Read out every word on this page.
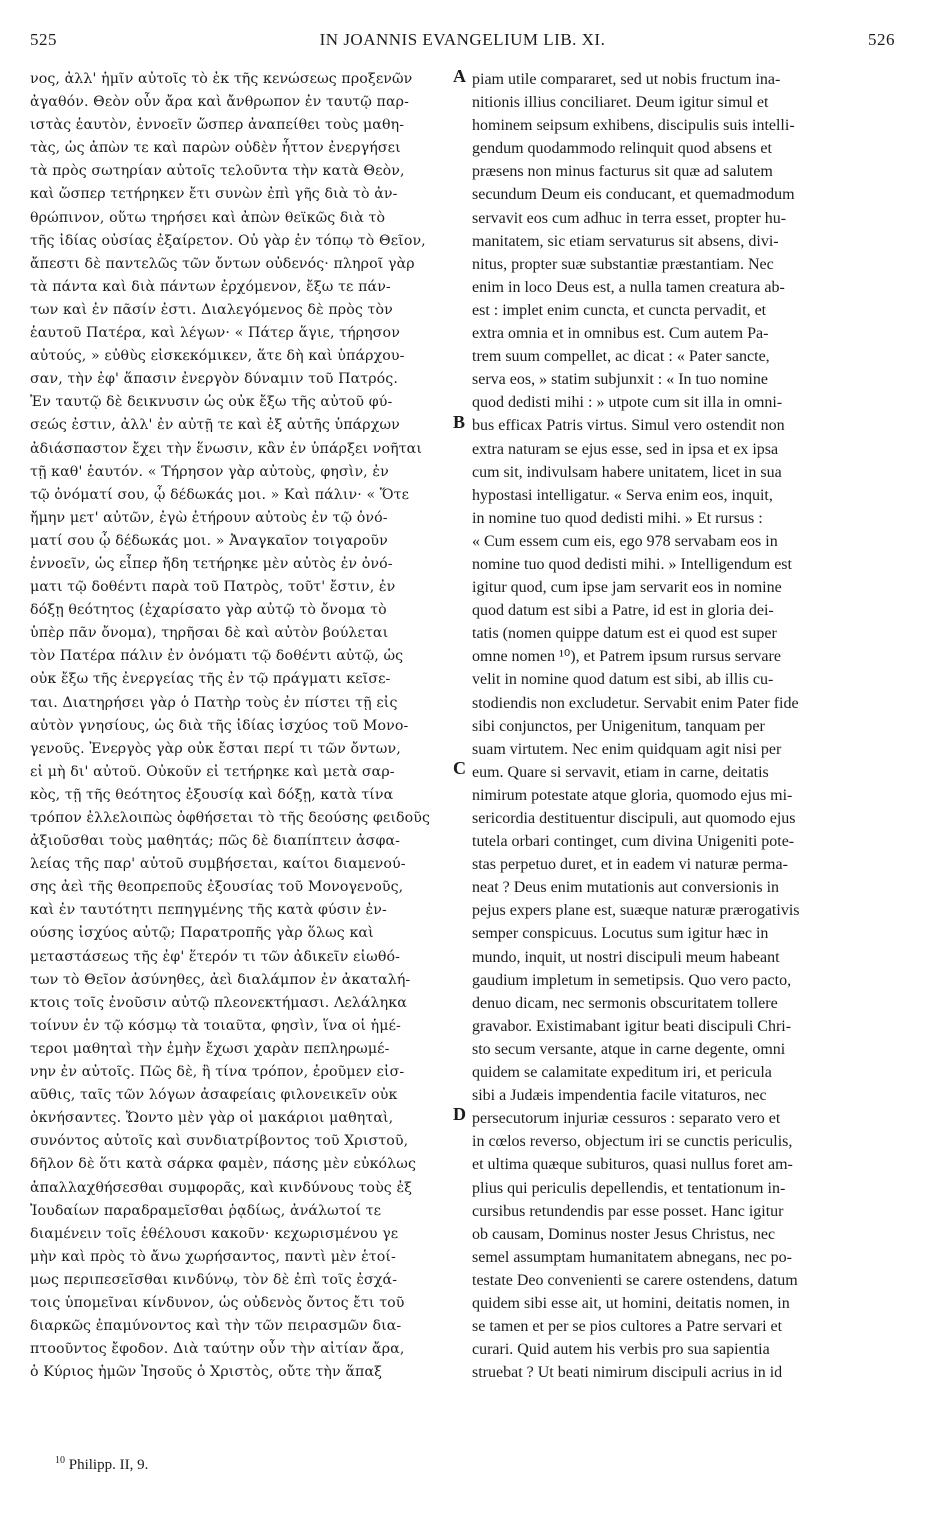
525	IN JOANNIS EVANGELIUM LIB. XI.	526
νος, ἀλλ' ἡμῖν αὐτοῖς τὸ ἐκ τῆς κενώσεως προξενῶν
ἀγαθόν. Θεὸν οὖν ἄρα καὶ ἄνθρωπον ἐν ταυτῷ παρ-
ιστὰς ἑαυτὸν, ἐννοεῖν ὥσπερ ἀναπείθει τοὺς μαθη-
τὰς, ὡς ἀπὼν τε καὶ παρὼν οὐδὲν ἧττον ἐνεργήσει
τὰ πρὸς σωτηρίαν αὐτοῖς τελοῦντα τὴν κατὰ Θεὸν,
καὶ ὥσπερ τετήρηκεν ἔτι συνὼν ἐπὶ γῆς διὰ τὸ ἀν-
θρώπινον, οὕτω τηρήσει καὶ ἀπὼν θεϊκῶς διὰ τὸ
τῆς ἰδίας οὐσίας ἐξαίρετον. Οὐ γὰρ ἐν τόπῳ τὸ Θεῖον,
ἄπεστι δὲ παντελῶς τῶν ὄντων οὐδενός· πληροῖ γὰρ
τὰ πάντα καὶ διὰ πάντων ἐρχόμενον, ἔξω τε πάν-
των καὶ ἐν πᾶσίν ἐστι. Διαλεγόμενος δὲ πρὸς τὸν
ἑαυτοῦ Πατέρα, καὶ λέγων· « Πάτερ ἅγιε, τήρησον
αὐτούς, » εὐθὺς εἰσκεκόμικεν, ἅτε δὴ καὶ ὑπάρχου-
σαν, τὴν ἐφ' ἅπασιν ἐνεργὸν δύναμιν τοῦ Πατρός.
Ἐν ταυτῷ δὲ δεικνυσιν ὡς οὐκ ἔξω τῆς αὐτοῦ φύ-
σεώς ἐστιν, ἀλλ' ἐν αὐτῇ τε καὶ ἐξ αὐτῆς ὑπάρχων
ἀδιάσπαστον ἔχει τὴν ἕνωσιν, κἂν ἐν ὑπάρξει νοῆται
τῇ καθ' ἑαυτόν. « Τήρησον γὰρ αὐτοὺς, φησὶν, ἐν
τῷ ὀνόματί σου, ᾧ δέδωκάς μοι. » Καὶ πάλιν· « Ὅτε
ἤμην μετ' αὐτῶν, ἐγὼ ἐτήρουν αὐτοὺς ἐν τῷ ὀνό-
ματί σου ᾧ δέδωκάς μοι. » Ἀναγκαῖον τοιγαροῦν
ἐννοεῖν, ὡς εἶπερ ἤδη τετήρηκε μὲν αὐτὸς ἐν ὀνό-
ματι τῷ δοθέντι παρὰ τοῦ Πατρὸς, τοῦτ' ἔστιν, ἐν
δόξῃ θεότητος (ἐχαρίσατο γὰρ αὐτῷ τὸ ὄνομα τὸ
ὑπὲρ πᾶν ὄνομα), τηρῆσαι δὲ καὶ αὐτὸν βούλεται
τὸν Πατέρα πάλιν ἐν ὀνόματι τῷ δοθέντι αὐτῷ, ὡς
οὐκ ἔξω τῆς ἐνεργείας τῆς ἐν τῷ πράγματι κεῖσε-
ται. Διατηρήσει γὰρ ὁ Πατὴρ τοὺς ἐν πίστει τῇ εἰς
αὐτὸν γνησίους, ὡς διὰ τῆς ἰδίας ἰσχύος τοῦ Μονο-
γενοῦς. Ἐνεργὸς γὰρ οὐκ ἔσται περί τι τῶν ὄντων,
εἰ μὴ δι' αὐτοῦ. Οὐκοῦν εἰ τετήρηκε καὶ μετὰ σαρ-
κὸς, τῇ τῆς θεότητος ἐξουσίᾳ καὶ δόξῃ, κατὰ τίνα
τρόπον ἐλλελοιπὼς ὀφθήσεται τὸ τῆς δεούσης φειδοῦς
ἀξιοῦσθαι τοὺς μαθητάς; πῶς δὲ διαπίπτειν ἀσφα-
λείας τῆς παρ' αὐτοῦ συμβήσεται, καίτοι διαμενού-
σης ἀεὶ τῆς θεοπρεποῦς ἐξουσίας τοῦ Μονογενοῦς,
καὶ ἐν ταυτότητι πεπηγμένης τῆς κατὰ φύσιν ἐν-
ούσης ἰσχύος αὐτῷ; Παρατροπῆς γὰρ ὅλως καὶ
μεταστάσεως τῆς ἐφ' ἕτερόν τι τῶν ἀδικεῖν εἰωθό-
των τὸ Θεῖον ἀσύνηθες, ἀεὶ διαλάμπον ἐν ἀκαταλή-
κτοις τοῖς ἐνοῦσιν αὐτῷ πλεονεκτήμασι. Λελάληκα
τοίνυν ἐν τῷ κόσμῳ τὰ τοιαῦτα, φησὶν, ἵνα οἱ ἡμέ-
τεροι μαθηταὶ τὴν ἐμὴν ἔχωσι χαρὰν πεπληρωμέ-
νην ἐν αὐτοῖς. Πῶς δὲ, ἢ τίνα τρόπον, ἐροῦμεν εἰσ-
αῦθις, ταῖς τῶν λόγων ἀσαφείαις φιλονεικεῖν οὐκ
ὀκνήσαντες. Ὤοντο μὲν γὰρ οἱ μακάριοι μαθηταὶ,
συνόντος αὐτοῖς καὶ συνδιατρίβοντος τοῦ Χριστοῦ,
δῆλον δὲ ὅτι κατὰ σάρκα φαμὲν, πάσης μὲν εὐκόλως
ἀπαλλαχθήσεσθαι συμφορᾶς, καὶ κινδύνους τοὺς ἐξ
Ἰουδαίων παραδραμεῖσθαι ῥᾳδίως, ἀνάλωτοί τε
διαμένειν τοῖς ἐθέλουσι κακοῦν· κεχωρισμένου γε
μὴν καὶ πρὸς τὸ ἄνω χωρήσαντος, παντὶ μὲν ἑτοί-
μως περιπεσεῖσθαι κινδύνῳ, τὸν δὲ ἐπὶ τοῖς ἐσχά-
τοις ὑπομεῖναι κίνδυνον, ὡς οὐδενὸς ὄντος ἔτι τοῦ
διαρκῶς ἐπαμύνοντος καὶ τὴν τῶν πειρασμῶν δια-
πτοοῦντος ἔφοδον. Διὰ ταύτην οὖν τὴν αἰτίαν ἄρα,
ὁ Κύριος ἡμῶν Ἰησοῦς ὁ Χριστὸς, οὔτε τὴν ἅπαξ
piam utile compararet, sed ut nobis fructum ina-
nitionis illius conciliaret. Deum igitur simul et
hominem seipsum exhibens, discipulis suis intelli-
gendum quodammodo relinquit quod absens et
præsens non minus facturus sit quæ ad salutem
secundum Deum eis conducant, et quemadmodum
servavit eos cum adhuc in terra esset, propter hu-
manitatem, sic etiam servaturus sit absens, divi-
nitus, propter suæ substantiæ præstantiam. Nec
enim in loco Deus est, a nulla tamen creatura ab-
est : implet enim cuncta, et cuncta pervadit, et
extra omnia et in omnibus est. Cum autem Pa-
trem suum compellet, ac dicat : « Pater sancte,
serva eos, » statim subjunxit : « In tuo nomine
quod dedisti mihi : » utpote cum sit illa in omni-
bus efficax Patris virtus. Simul vero ostendit non
extra naturam se ejus esse, sed in ipsa et ex ipsa
cum sit, indivulsam habere unitatem, licet in sua
hypostasi intelligatur. « Serva enim eos, inquit,
in nomine tuo quod dedisti mihi. » Et rursus :
« Cum essem cum eis, ego 978 servabam eos in
nomine tuo quod dedisti mihi. » Intelligendum est
igitur quod, cum ipse jam servarit eos in nomine
quod datum est sibi a Patre, id est in gloria dei-
tatis (nomen quippe datum est ei quod est super
omne nomen ¹⁰), et Patrem ipsum rursus servare
velit in nomine quod datum est sibi, ab illis cu-
stodiendis non excludetur. Servabit enim Pater fide
sibi conjunctos, per Unigenitum, tanquam per
suam virtutem. Nec enim quidquam agit nisi per
eum. Quare si servavit, etiam in carne, deitatis
nimirum potestate atque gloria, quomodo ejus mi-
sericordia destituentur discipuli, aut quomodo ejus
tutela orbari continget, cum divina Unigeniti pote-
stas perpetuo duret, et in eadem vi naturæ perma-
neat ? Deus enim mutationis aut conversionis in
pejus expers plane est, suæque naturæ prærogativis
semper conspicuus. Locutus sum igitur hæc in
mundo, inquit, ut nostri discipuli meum habeant
gaudium impletum in semetipsis. Quo vero pacto,
denuo dicam, nec sermonis obscuritatem tollere
gravabor. Existimabant igitur beati discipuli Chri-
sto secum versante, atque in carne degente, omni
quidem se calamitate expeditum iri, et pericula
sibi a Judæis impendentia facile vitaturos, nec
persecutorum injuriæ cessuros : separato vero et
in cœlos reverso, objectum iri se cunctis periculis,
et ultima quæque subituros, quasi nullus foret am-
plius qui periculis depellendis, et tentationum in-
cursibus retundendis par esse posset. Hanc igitur
ob causam, Dominus noster Jesus Christus, nec
semel assumptam humanitatem abnegans, nec po-
testate Deo convenienti se carere ostendens, datum
quidem sibi esse ait, ut homini, deitatis nomen, in
se tamen et per se pios cultores a Patre servari et
curari. Quid autem his verbis pro sua sapientia
struebat ? Ut beati nimirum discipuli acrius in id
A
B
C
D
$^{10}$ Philipp. II, 9.
